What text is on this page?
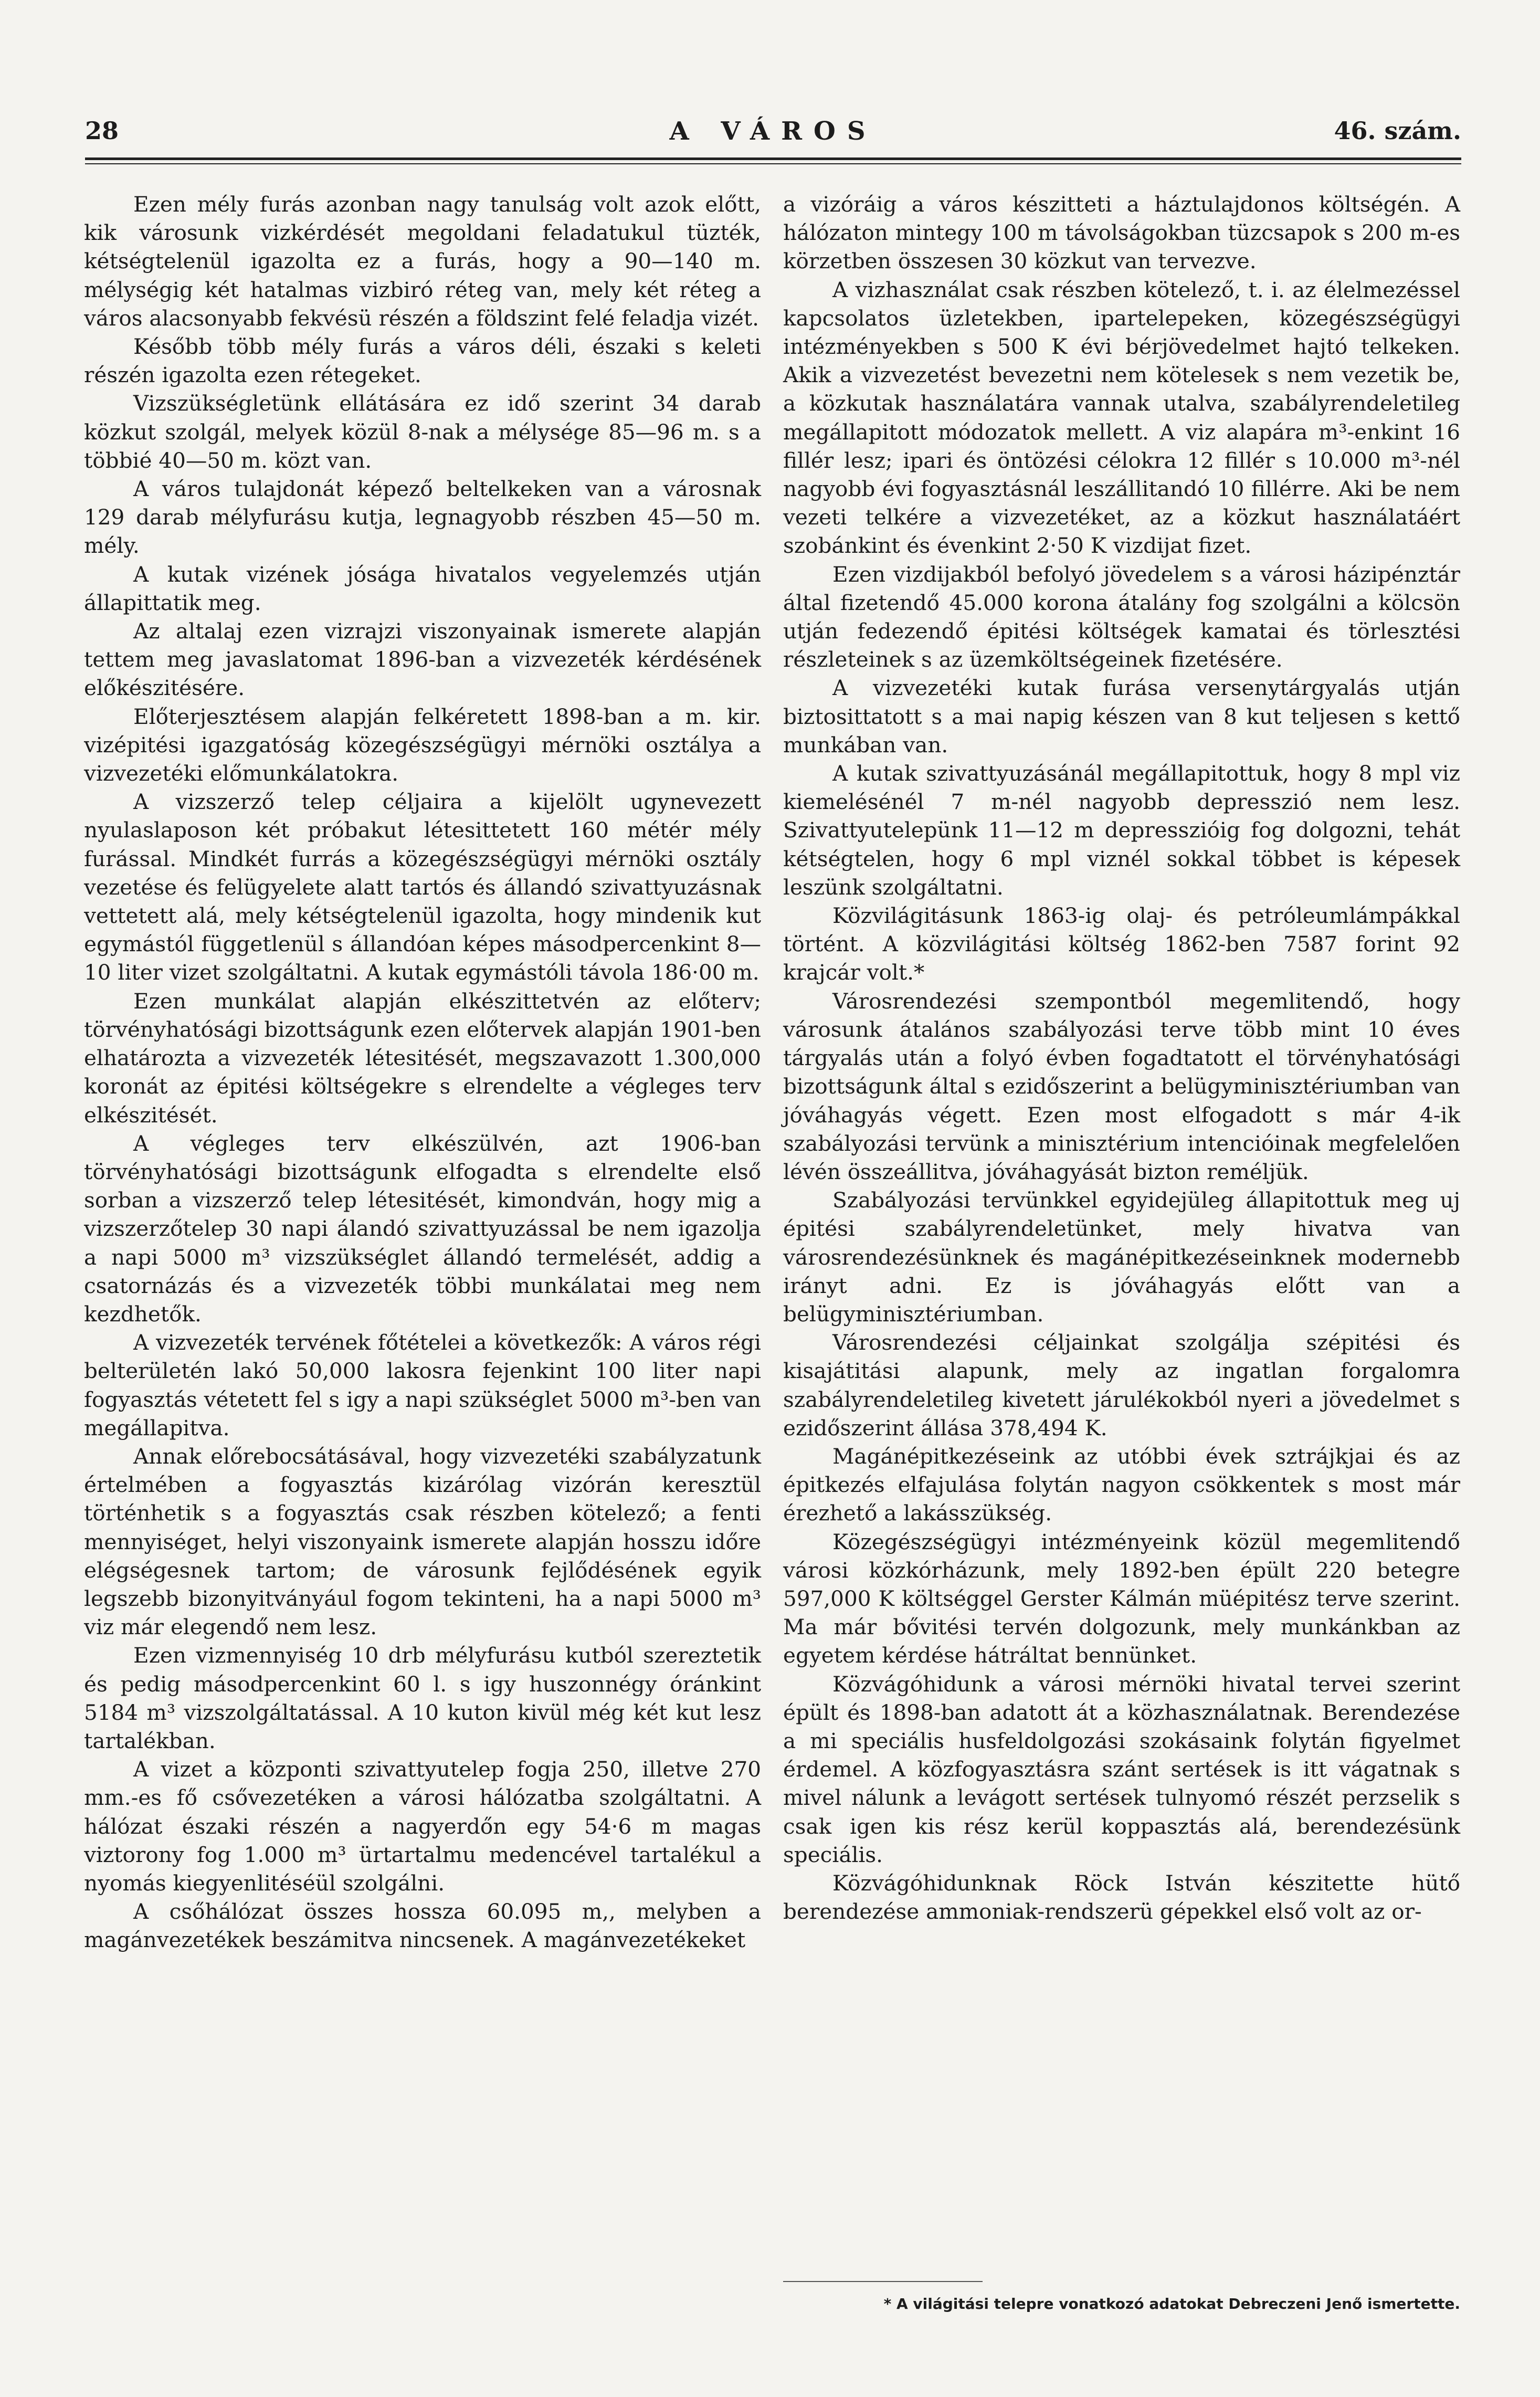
28	A VÁROS	46. szám.

Ezen mély furás azonban nagy tanulság volt azok előtt, kik városunk vizkérdését megoldani feladatukul tüzték, kétségtelenül igazolta ez a furás, hogy a 90—140 m. mélységig két hatalmas vizbiró réteg van, mely két réteg a város alacsonyabb fekvésü részén a földszint felé feladja vizét.

Később több mély furás a város déli, északi s keleti részén igazolta ezen rétegeket.

Vizszükségletünk ellátására ez idő szerint 34 darab közkut szolgál, melyek közül 8-nak a mélysége 85—96 m. s a többié 40—50 m. közt van.

A város tulajdonát képező beltelkeken van a városnak 129 darab mélyfurásu kutja, legnagyobb részben 45—50 m. mély.

A kutak vizének jósága hivatalos vegyelemzés utján állapittatik meg.

Az altalaj ezen vizrajzi viszonyainak ismerete alapján tettem meg javaslatomat 1896-ban a vizvezeték kérdésének előkészitésére.

Előterjesztésem alapján felkéretett 1898-ban a m. kir. vizépitési igazgatóság közegészségügyi mérnöki osztálya a vizvezetéki előmunkálatokra.

A vizszerző telep céljaira a kijelölt ugynevezett nyulaslaposon két próbakut létesittetett 160 métér mély furással. Mindkét furrás a közegészségügyi mérnöki osztály vezetése és felügyelete alatt tartós és állandó szivattyuzásnak vettetett alá, mely kétségtelenül igazolta, hogy mindenik kut egymástól függetlenül s állandóan képes másodpercenkint 8—10 liter vizet szolgáltatni. A kutak egymástóli távola 186·00 m.

Ezen munkálat alapján elkészittetvén az előterv; törvényhatósági bizottságunk ezen előtervek alapján 1901-ben elhatározta a vizvezeték létesitését, megszavazott 1.300,000 koronát az épitési költségekre s elrendelte a végleges terv elkészitését.

A végleges terv elkészülvén, azt 1906-ban törvényhatósági bizottságunk elfogadta s elrendelte első sorban a vizszerző telep létesitését, kimondván, hogy mig a vizszerzőtelep 30 napi álandó szivattyuzással be nem igazolja a napi 5000 m³ vizszükséglet állandó termelését, addig a csatornázás és a vizvezeték többi munkálatai meg nem kezdhetők.

A vizvezeték tervének főtételei a következők: A város régi belterületén lakó 50,000 lakosra fejenkint 100 liter napi fogyasztás vétetett fel s igy a napi szükséglet 5000 m³-ben van megállapitva.

Annak előrebocsátásával, hogy vizvezetéki szabályzatunk értelmében a fogyasztás kizárólag vizórán keresztül történhetik s a fogyasztás csak részben kötelező; a fenti mennyiséget, helyi viszonyaink ismerete alapján hosszu időre elégségesnek tartom; de városunk fejlődésének egyik legszebb bizonyitványául fogom tekinteni, ha a napi 5000 m³ viz már elegendő nem lesz.

Ezen vizmennyiség 10 drb mélyfurásu kutból szereztetik és pedig másodpercenkint 60 l. s igy huszonnégy óránkint 5184 m³ vizszolgáltatással. A 10 kuton kivül még két kut lesz tartalékban.

A vizet a központi szivattyutelep fogja 250, illetve 270 mm.-es fő csővezetéken a városi hálózatba szolgáltatni. A hálózat északi részén a nagyerdőn egy 54·6 m magas viztorony fog 1.000 m³ ürtartalmu medencével tartalékul a nyomás kiegyenlitéséül szolgálni.

A csőhálózat összes hossza 60.095 m,, melyben a magánvezetékek beszámitva nincsenek. A magánvezetékeket

a vizóráig a város készitteti a háztulajdonos költségén. A hálózaton mintegy 100 m távolságokban tüzcsapok s 200 m-es körzetben összesen 30 közkut van tervezve.

A vizhasználat csak részben kötelező, t. i. az élelmezéssel kapcsolatos üzletekben, ipartelepeken, közegészségügyi intézményekben s 500 K évi bérjövedelmet hajtó telkeken. Akik a vizvezetést bevezetni nem kötelesek s nem vezetik be, a közkutak használatára vannak utalva, szabályrendeletileg megállapitott módozatok mellett. A viz alapára m³-enkint 16 fillér lesz; ipari és öntözési célokra 12 fillér s 10.000 m³-nél nagyobb évi fogyasztásnál leszállitandó 10 fillérre. Aki be nem vezeti telkére a vizvezetéket, az a közkut használatáért szobánkint és évenkint 2·50 K vizdijat fizet.

Ezen vizdijakból befolyó jövedelem s a városi házipénztár által fizetendő 45.000 korona átalány fog szolgálni a kölcsön utján fedezendő épitési költségek kamatai és törlesztési részleteinek s az üzemköltségeinek fizetésére.

A vizvezetéki kutak furása versenytárgyalás utján biztosittatott s a mai napig készen van 8 kut teljesen s kettő munkában van.

A kutak szivattyuzásánál megállapitottuk, hogy 8 mpl viz kiemelésénél 7 m-nél nagyobb depresszió nem lesz. Szivattyutelepünk 11—12 m depresszióig fog dolgozni, tehát kétségtelen, hogy 6 mpl viznél sokkal többet is képesek leszünk szolgáltatni.

Közvilágitásunk 1863-ig olaj- és petróleumlámpákkal történt. A közvilágitási költség 1862-ben 7587 forint 92 krajcár volt.*

Városrendezési szempontból megemlitendő, hogy városunk átalános szabályozási terve több mint 10 éves tárgyalás után a folyó évben fogadtatott el törvényhatósági bizottságunk által s ezidőszerint a belügyminisztériumban van jóváhagyás végett. Ezen most elfogadott s már 4-ik szabályozási tervünk a minisztérium intencióinak megfelelően lévén összeállitva, jóváhagyását bizton reméljük.

Szabályozási tervünkkel egyidejüleg állapitottuk meg uj épitési szabályrendeletünket, mely hivatva van városrendezésünknek és magánépitkezéseinknek modernebb irányt adni. Ez is jóváhagyás előtt van a belügyminisztériumban.

Városrendezési céljainkat szolgálja szépitési és kisajátitási alapunk, mely az ingatlan forgalomra szabályrendeletileg kivetett járulékokból nyeri a jövedelmet s ezidőszerint állása 378,494 K.

Magánépitkezéseink az utóbbi évek sztrájkjai és az épitkezés elfajulása folytán nagyon csökkentek s most már érezhető a lakásszükség.

Közegészségügyi intézményeink közül megemlitendő városi közkórházunk, mely 1892-ben épült 220 betegre 597,000 K költséggel Gerster Kálmán müépitész terve szerint. Ma már bővitési tervén dolgozunk, mely munkánkban az egyetem kérdése hátráltat bennünket.

Közvágóhidunk a városi mérnöki hivatal tervei szerint épült és 1898-ban adatott át a közhasználatnak. Berendezése a mi speciális husfeldolgozási szokásaink folytán figyelmet érdemel. A közfogyasztásra szánt sertések is itt vágatnak s mivel nálunk a levágott sertések tulnyomó részét perzselik s csak igen kis rész kerül koppasztás alá, berendezésünk speciális.

Közvágóhidunknak Röck István készitette hütő berendezése ammoniak-rendszerü gépekkel első volt az or-

* A világitási telepre vonatkozó adatokat Debreczeni Jenő ismertette.
